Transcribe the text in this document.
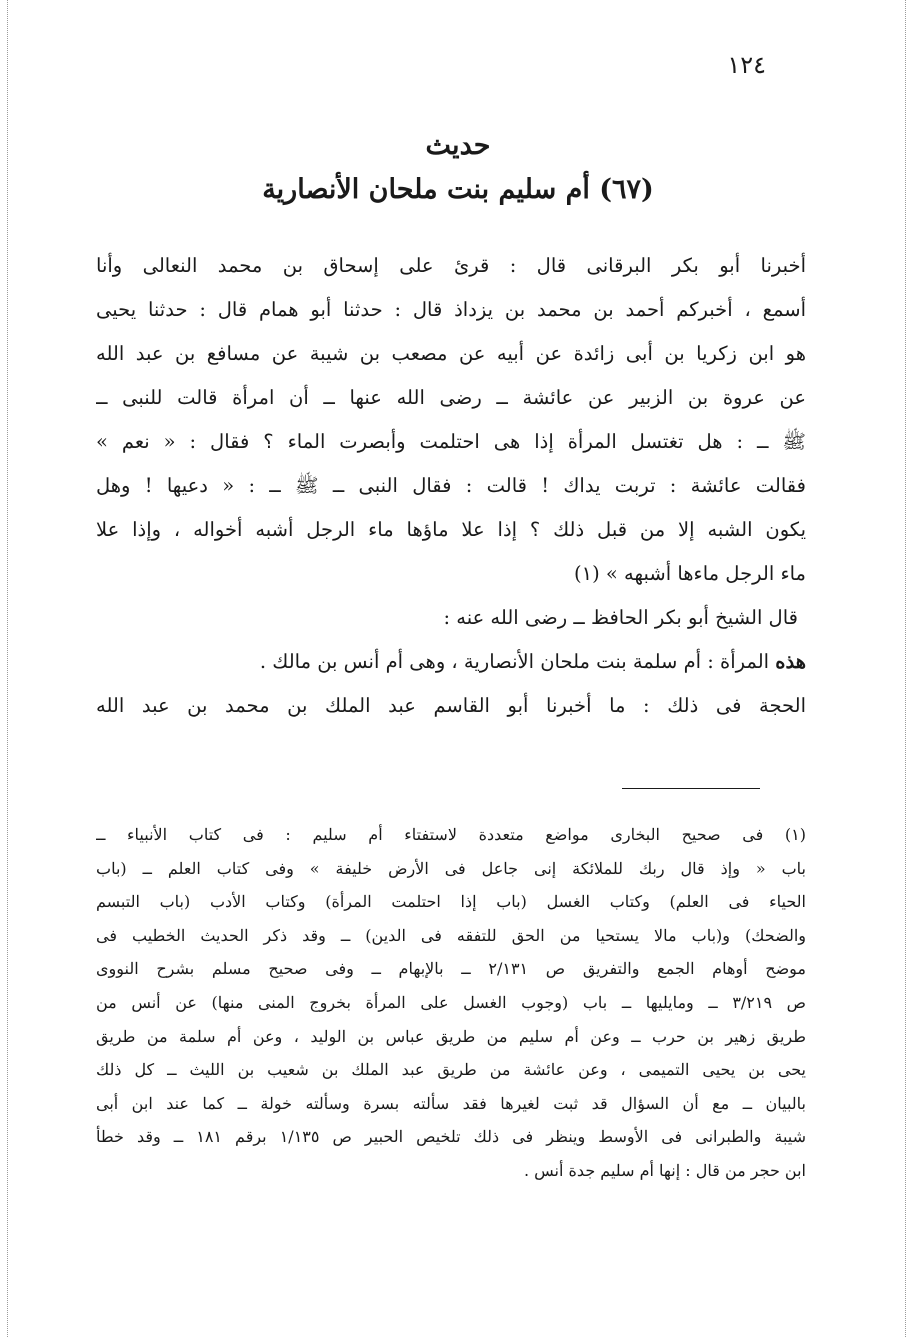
١٢٤
حديث
(٦٧) أم سليم بنت ملحان الأنصارية
أخبرنا أبو بكر البرقانى قال : قرئ على إسحاق بن محمد النعالى وأنا
أسمع ، أخبركم أحمد بن محمد بن يزداذ قال : حدثنا أبو همام قال : حدثنا يحيى
هو ابن زكريا بن أبى زائدة عن أبيه عن مصعب بن شيبة عن مسافع بن عبد الله
عن عروة بن الزبير عن عائشة ــ رضى الله عنها ــ أن امرأة قالت للنبى ــ
ﷺ ــ : هل تغتسل المرأة إذا هى احتلمت وأبصرت الماء ؟ فقال : « نعم »
فقالت عائشة : تربت يداك ! قالت : فقال النبى ــ ﷺ ــ : « دعيها ! وهل
يكون الشبه إلا من قبل ذلك ؟ إذا علا ماؤها ماء الرجل أشبه أخواله ، وإذا علا
ماء الرجل ماءها أشبهه » (١)
قال الشيخ أبو بكر الحافظ ــ رضى الله عنه :
هذه المرأة : أم سلمة بنت ملحان الأنصارية ، وهى أم أنس بن مالك .
الحجة فى ذلك : ما أخبرنا أبو القاسم عبد الملك بن محمد بن عبد الله
(١) فى صحيح البخارى مواضع متعددة لاستفتاء أم سليم : فى كتاب الأنبياء ــ
باب « وإذ قال ربك للملائكة إنى جاعل فى الأرض خليفة » وفى كتاب العلم ــ (باب
الحياء فى العلم) وكتاب الغسل (باب إذا احتلمت المرأة) وكتاب الأدب (باب التبسم
والضحك) و(باب مالا يستحيا من الحق للتفقه فى الدين) ــ وقد ذكر الحديث الخطيب فى
موضح أوهام الجمع والتفريق ص ٢/١٣١ ــ بالإبهام ــ وفى صحيح مسلم بشرح النووى
ص ٣/٢١٩ ــ ومايليها ــ باب (وجوب الغسل على المرأة بخروج المنى منها) عن أنس من
طريق زهير بن حرب ــ وعن أم سليم من طريق عباس بن الوليد ، وعن أم سلمة من طريق
يحى بن يحيى التميمى ، وعن عائشة من طريق عبد الملك بن شعيب بن الليث ــ كل ذلك
بالبيان ــ مع أن السؤال قد ثبت لغيرها فقد سألته بسرة وسألته خولة ــ كما عند ابن أبى
شيبة والطبرانى فى الأوسط وينظر فى ذلك تلخيص الحبير ص ١/١٣٥ برقم ١٨١ ــ وقد خطأ
ابن حجر من قال : إنها أم سليم جدة أنس .
